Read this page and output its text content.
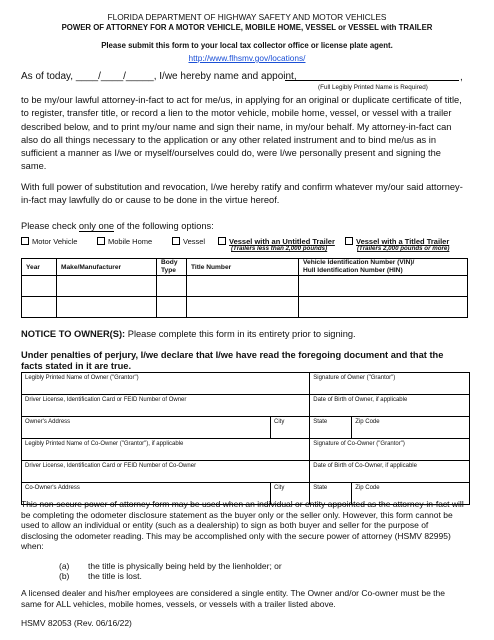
FLORIDA DEPARTMENT OF HIGHWAY SAFETY AND MOTOR VEHICLES
POWER OF ATTORNEY FOR A MOTOR VEHICLE, MOBILE HOME, VESSEL or VESSEL with TRAILER
Please submit this form to your local tax collector office or license plate agent.
http://www.flhsmv.gov/locations/
As of today, ____/____/_____, I/we hereby name and appoint,	,
(Full Legibly Printed Name is Required)
to be my/our lawful attorney-in-fact to act for me/us, in applying for an original or duplicate certificate of title, to register, transfer title, or record a lien to the motor vehicle, mobile home, vessel, or vessel with a trailer described below, and to print my/our name and sign their name, in my/our behalf. My attorney-in-fact can also do all things necessary to the application or any other related instrument and to bind me/us as in sufficient a manner as I/we or myself/ourselves could do, were I/we personally present and signing the same.
With full power of substitution and revocation, I/we hereby ratify and confirm whatever my/our said attorney-in-fact may lawfully do or cause to be done in the virtue hereof.
Please check only one of the following options:
Motor Vehicle	Mobile Home	Vessel	Vessel with an Untitled Trailer
(Trailers less than 2,000 pounds)
Vessel with a Titled Trailer
(Trailers 2,000 pounds or more)
Year	Make/Manufacturer	Body Type	Title Number	Vehicle Identification Number (VIN)/
Hull Identification Number (HIN)

NOTICE TO OWNER(S): Please complete this form in its entirety prior to signing.
Under penalties of perjury, I/we declare that I/we have read the foregoing document and that the facts stated in it are true.
Legibly Printed Name of Owner ("Grantor")		Signature of Owner ("Grantor")	
Driver License, Identification Card or FEID Number of Owner		Date of Birth of Owner, if applicable	
Owner's Address	City	State	Zip Code
Legibly Printed Name of Co-Owner ("Grantor"), if applicable		Signature of Co-Owner ("Grantor")	
Driver License, Identification Card or FEID Number of Co-Owner		Date of Birth of Co-Owner, if applicable	
Co-Owner's Address	City	State	Zip Code
This non-secure power of attorney form may be used when an individual or entity appointed as the attorney-in-fact will be completing the odometer disclosure statement as the buyer only or the seller only. However, this form cannot be used to allow an individual or entity (such as a dealership) to sign as both buyer and seller for the purpose of disclosing the odometer reading. This may be accomplished only with the secure power of attorney (HSMV 82995) when:
(a) the title is physically being held by the lienholder; or
(b) the title is lost.
A licensed dealer and his/her employees are considered a single entity. The Owner and/or Co-owner must be the same for ALL vehicles, mobile homes, vessels, or vessels with a trailer listed above.
HSMV 82053 (Rev. 06/16/22)
